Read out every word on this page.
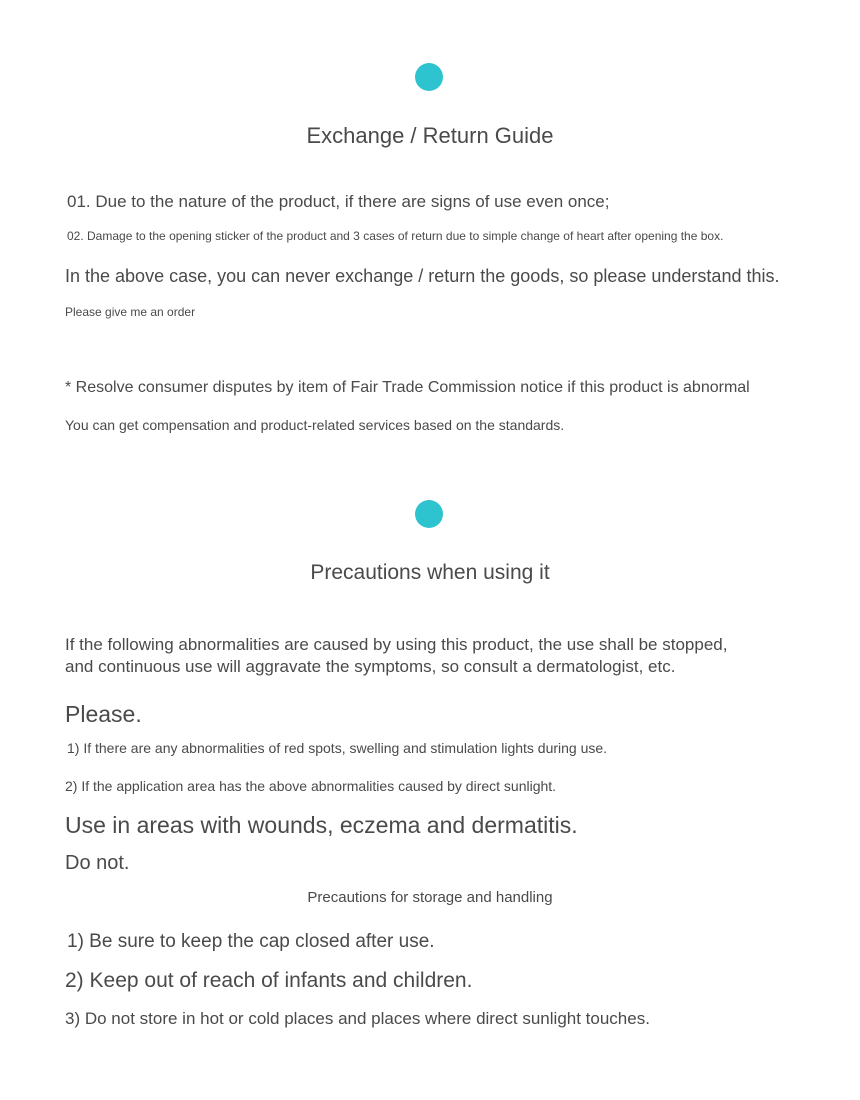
Exchange / Return Guide
01. Due to the nature of the product, if there are signs of use even once;
02. Damage to the opening sticker of the product and 3 cases of return due to simple change of heart after opening the box.
In the above case, you can never exchange / return the goods, so please understand this.
Please give me an order
* Resolve consumer disputes by item of Fair Trade Commission notice if this product is abnormal
You can get compensation and product-related services based on the standards.
Precautions when using it
If the following abnormalities are caused by using this product, the use shall be stopped,
and continuous use will aggravate the symptoms, so consult a dermatologist, etc.
Please.
1) If there are any abnormalities of red spots, swelling and stimulation lights during use.
2) If the application area has the above abnormalities caused by direct sunlight.
Use in areas with wounds, eczema and dermatitis.
Do not.
Precautions for storage and handling
1) Be sure to keep the cap closed after use.
2) Keep out of reach of infants and children.
3) Do not store in hot or cold places and places where direct sunlight touches.
